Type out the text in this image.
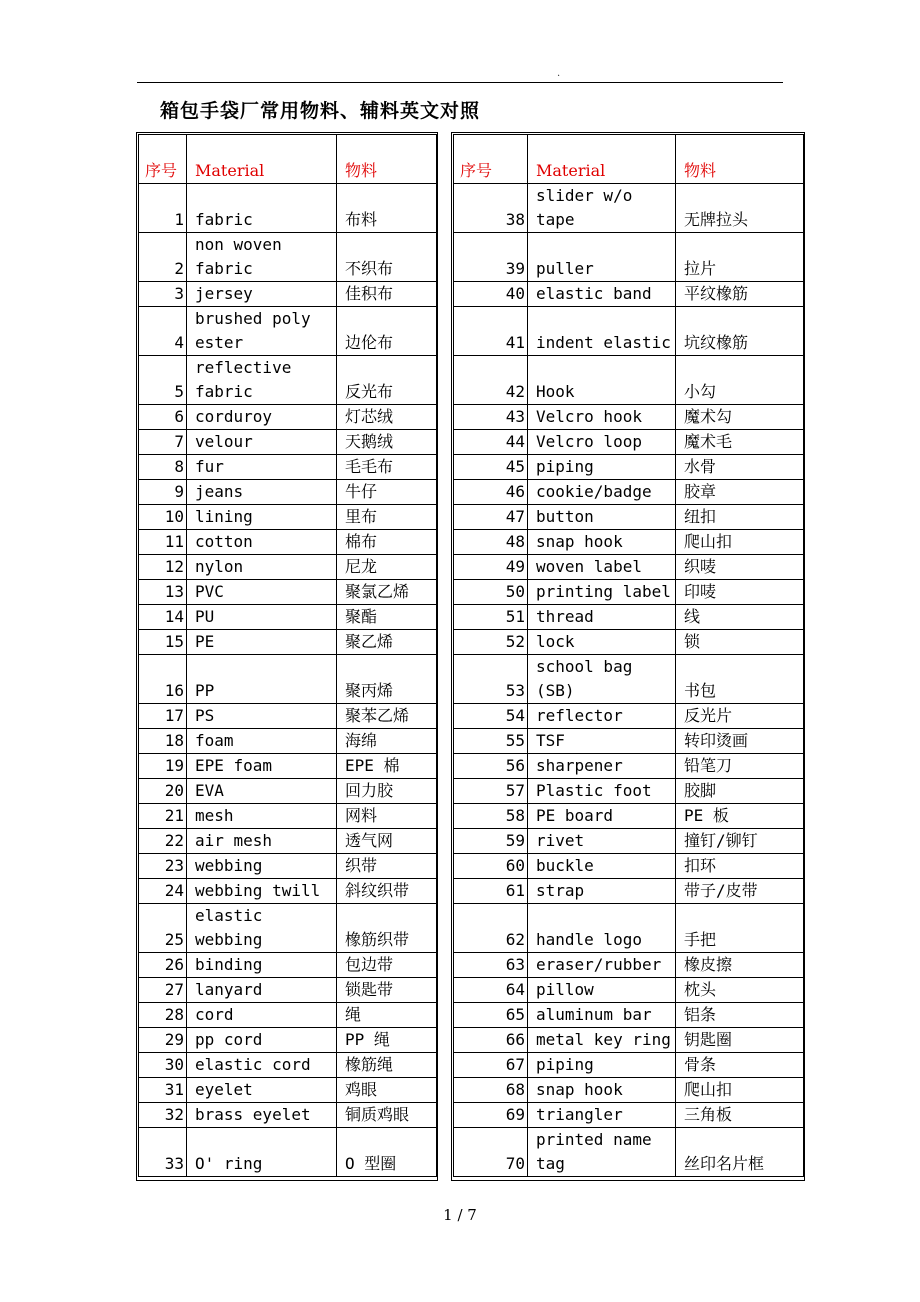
.
箱包手袋厂常用物料、辅料英文对照
序号	Material	物料
1	fabric	布料
2	non woven fabric	不织布
3	jersey	佳积布
4	brushed poly ester	边伦布
5	reflective fabric	反光布
6	corduroy	灯芯绒
7	velour	天鹅绒
8	fur	毛毛布
9	jeans	牛仔
10	lining	里布
11	cotton	棉布
12	nylon	尼龙
13	PVC	聚氯乙烯
14	PU	聚酯
15	PE	聚乙烯
16	PP	聚丙烯
17	PS	聚苯乙烯
18	foam	海绵
19	EPE foam	EPE 棉
20	EVA	回力胶
21	mesh	网料
22	air mesh	透气网
23	webbing	织带
24	webbing twill	斜纹织带
25	elastic webbing	橡筋织带
26	binding	包边带
27	lanyard	锁匙带
28	cord	绳
29	pp cord	PP 绳
30	elastic cord	橡筋绳
31	eyelet	鸡眼
32	brass eyelet	铜质鸡眼
33	O' ring	O 型圈
序号	Material	物料
38	slider w/o tape	无牌拉头
39	puller	拉片
40	elastic band	平纹橡筋
41	indent elastic	坑纹橡筋
42	Hook	小勾
43	Velcro hook	魔术勾
44	Velcro loop	魔术毛
45	piping	水骨
46	cookie/badge	胶章
47	button	纽扣
48	snap hook	爬山扣
49	woven label	织唛
50	printing label	印唛
51	thread	线
52	lock	锁
53	school bag (SB)	书包
54	reflector	反光片
55	TSF	转印烫画
56	sharpener	铅笔刀
57	Plastic foot	胶脚
58	PE board	PE 板
59	rivet	撞钉/铆钉
60	buckle	扣环
61	strap	带子/皮带
62	handle logo	手把
63	eraser/rubber	橡皮擦
64	pillow	枕头
65	aluminum bar	铝条
66	metal key ring	钥匙圈
67	piping	骨条
68	snap hook	爬山扣
69	triangler	三角板
70	printed name tag	丝印名片框
1 / 7
